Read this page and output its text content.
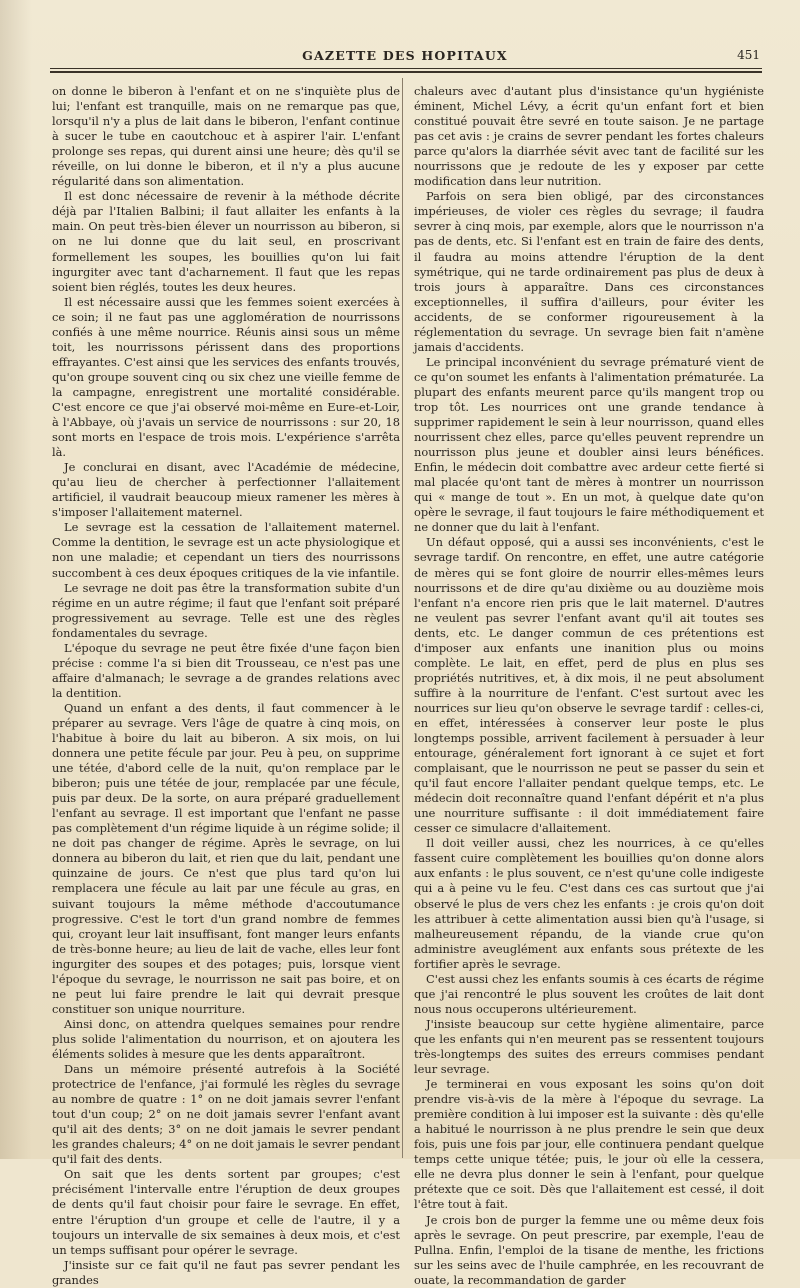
GAZETTE DES HOPITAUX	451

on donne le biberon à l'enfant et on ne s'inquiète plus de lui; l'enfant est tranquille, mais on ne remarque pas que, lorsqu'il n'y a plus de lait dans le biberon, l'enfant continue à sucer le tube en caoutchouc et à aspirer l'air. L'enfant prolonge ses repas, qui durent ainsi une heure; dès qu'il se réveille, on lui donne le biberon, et il n'y a plus aucune régularité dans son alimentation.

Il est donc nécessaire de revenir à la méthode décrite déjà par l'Italien Balbini; il faut allaiter les enfants à la main. On peut très-bien élever un nourrisson au biberon, si on ne lui donne que du lait seul, en proscrivant formellement les soupes, les bouillies qu'on lui fait ingurgiter avec tant d'acharnement. Il faut que les repas soient bien réglés, toutes les deux heures.

Il est nécessaire aussi que les femmes soient exercées à ce soin; il ne faut pas une agglomération de nourrissons confiés à une même nourrice. Réunis ainsi sous un même toit, les nourrissons périssent dans des proportions effrayantes. C'est ainsi que les services des enfants trouvés, qu'on groupe souvent cinq ou six chez une vieille femme de la campagne, enregistrent une mortalité considérable. C'est encore ce que j'ai observé moi-même en Eure-et-Loir, à l'Abbaye, où j'avais un service de nourrissons : sur 20, 18 sont morts en l'espace de trois mois. L'expérience s'arrêta là.

Je conclurai en disant, avec l'Académie de médecine, qu'au lieu de chercher à perfectionner l'allaitement artificiel, il vaudrait beaucoup mieux ramener les mères à s'imposer l'allaitement maternel.

Le sevrage est la cessation de l'allaitement maternel. Comme la dentition, le sevrage est un acte physiologique et non une maladie; et cependant un tiers des nourrissons succombent à ces deux époques critiques de la vie infantile.

Le sevrage ne doit pas être la transformation subite d'un régime en un autre régime; il faut que l'enfant soit préparé progressivement au sevrage. Telle est une des règles fondamentales du sevrage.

L'époque du sevrage ne peut être fixée d'une façon bien précise : comme l'a si bien dit Trousseau, ce n'est pas une affaire d'almanach; le sevrage a de grandes relations avec la dentition.

Quand un enfant a des dents, il faut commencer à le préparer au sevrage. Vers l'âge de quatre à cinq mois, on l'habitue à boire du lait au biberon. A six mois, on lui donnera une petite fécule par jour. Peu à peu, on supprime une tétée, d'abord celle de la nuit, qu'on remplace par le biberon; puis une tétée de jour, remplacée par une fécule, puis par deux. De la sorte, on aura préparé graduellement l'enfant au sevrage. Il est important que l'enfant ne passe pas complètement d'un régime liquide à un régime solide; il ne doit pas changer de régime. Après le sevrage, on lui donnera au biberon du lait, et rien que du lait, pendant une quinzaine de jours. Ce n'est que plus tard qu'on lui remplacera une fécule au lait par une fécule au gras, en suivant toujours la même méthode d'accoutumance progressive. C'est le tort d'un grand nombre de femmes qui, croyant leur lait insuffisant, font manger leurs enfants de très-bonne heure; au lieu de lait de vache, elles leur font ingurgiter des soupes et des potages; puis, lorsque vient l'époque du sevrage, le nourrisson ne sait pas boire, et on ne peut lui faire prendre le lait qui devrait presque constituer son unique nourriture.

Ainsi donc, on attendra quelques semaines pour rendre plus solide l'alimentation du nourrison, et on ajoutera les éléments solides à mesure que les dents apparaîtront.

Dans un mémoire présenté autrefois à la Société protectrice de l'enfance, j'ai formulé les règles du sevrage au nombre de quatre : 1° on ne doit jamais sevrer l'enfant tout d'un coup; 2° on ne doit jamais sevrer l'enfant avant qu'il ait des dents; 3° on ne doit jamais le sevrer pendant les grandes chaleurs; 4° on ne doit jamais le sevrer pendant qu'il fait des dents.

On sait que les dents sortent par groupes; c'est précisément l'intervalle entre l'éruption de deux groupes de dents qu'il faut choisir pour faire le sevrage. En effet, entre l'éruption d'un groupe et celle de l'autre, il y a toujours un intervalle de six semaines à deux mois, et c'est un temps suffisant pour opérer le sevrage.

J'insiste sur ce fait qu'il ne faut pas sevrer pendant les grandes

chaleurs avec d'autant plus d'insistance qu'un hygiéniste éminent, Michel Lévy, a écrit qu'un enfant fort et bien constitué pouvait être sevré en toute saison. Je ne partage pas cet avis : je crains de sevrer pendant les fortes chaleurs parce qu'alors la diarrhée sévit avec tant de facilité sur les nourrissons que je redoute de les y exposer par cette modification dans leur nutrition.

Parfois on sera bien obligé, par des circonstances impérieuses, de violer ces règles du sevrage; il faudra sevrer à cinq mois, par exemple, alors que le nourrisson n'a pas de dents, etc. Si l'enfant est en train de faire des dents, il faudra au moins attendre l'éruption de la dent symétrique, qui ne tarde ordinairement pas plus de deux à trois jours à apparaître. Dans ces circonstances exceptionnelles, il suffira d'ailleurs, pour éviter les accidents, de se conformer rigoureusement à la réglementation du sevrage. Un sevrage bien fait n'amène jamais d'accidents.

Le principal inconvénient du sevrage prématuré vient de ce qu'on soumet les enfants à l'alimentation prématurée. La plupart des enfants meurent parce qu'ils mangent trop ou trop tôt. Les nourrices ont une grande tendance à supprimer rapidement le sein à leur nourrisson, quand elles nourrissent chez elles, parce qu'elles peuvent reprendre un nourrisson plus jeune et doubler ainsi leurs bénéfices. Enfin, le médecin doit combattre avec ardeur cette fierté si mal placée qu'ont tant de mères à montrer un nourrisson qui « mange de tout ». En un mot, à quelque date qu'on opère le sevrage, il faut toujours le faire méthodiquement et ne donner que du lait à l'enfant.

Un défaut opposé, qui a aussi ses inconvénients, c'est le sevrage tardif. On rencontre, en effet, une autre catégorie de mères qui se font gloire de nourrir elles-mêmes leurs nourrissons et de dire qu'au dixième ou au douzième mois l'enfant n'a encore rien pris que le lait maternel. D'autres ne veulent pas sevrer l'enfant avant qu'il ait toutes ses dents, etc. Le danger commun de ces prétentions est d'imposer aux enfants une inanition plus ou moins complète. Le lait, en effet, perd de plus en plus ses propriétés nutritives, et, à dix mois, il ne peut absolument suffire à la nourriture de l'enfant. C'est surtout avec les nourrices sur lieu qu'on observe le sevrage tardif : celles-ci, en effet, intéressées à conserver leur poste le plus longtemps possible, arrivent facilement à persuader à leur entourage, généralement fort ignorant à ce sujet et fort complaisant, que le nourrisson ne peut se passer du sein et qu'il faut encore l'allaiter pendant quelque temps, etc. Le médecin doit reconnaître quand l'enfant dépérit et n'a plus une nourriture suffisante : il doit immédiatement faire cesser ce simulacre d'allaitement.

Il doit veiller aussi, chez les nourrices, à ce qu'elles fassent cuire complètement les bouillies qu'on donne alors aux enfants : le plus souvent, ce n'est qu'une colle indigeste qui a à peine vu le feu. C'est dans ces cas surtout que j'ai observé le plus de vers chez les enfants : je crois qu'on doit les attribuer à cette alimentation aussi bien qu'à l'usage, si malheureusement répandu, de la viande crue qu'on administre aveuglément aux enfants sous prétexte de les fortifier après le sevrage.

C'est aussi chez les enfants soumis à ces écarts de régime que j'ai rencontré le plus souvent les croûtes de lait dont nous nous occuperons ultérieurement.

J'insiste beaucoup sur cette hygiène alimentaire, parce que les enfants qui n'en meurent pas se ressentent toujours très-longtemps des suites des erreurs commises pendant leur sevrage.

Je terminerai en vous exposant les soins qu'on doit prendre vis-à-vis de la mère à l'époque du sevrage. La première condition à lui imposer est la suivante : dès qu'elle a habitué le nourrisson à ne plus prendre le sein que deux fois, puis une fois par jour, elle continuera pendant quelque temps cette unique tétée; puis, le jour où elle la cessera, elle ne devra plus donner le sein à l'enfant, pour quelque prétexte que ce soit. Dès que l'allaitement est cessé, il doit l'être tout à fait.

Je crois bon de purger la femme une ou même deux fois après le sevrage. On peut prescrire, par exemple, l'eau de Pullna. Enfin, l'emploi de la tisane de menthe, les frictions sur les seins avec de l'huile camphrée, en les recouvrant de ouate, la recommandation de garder
